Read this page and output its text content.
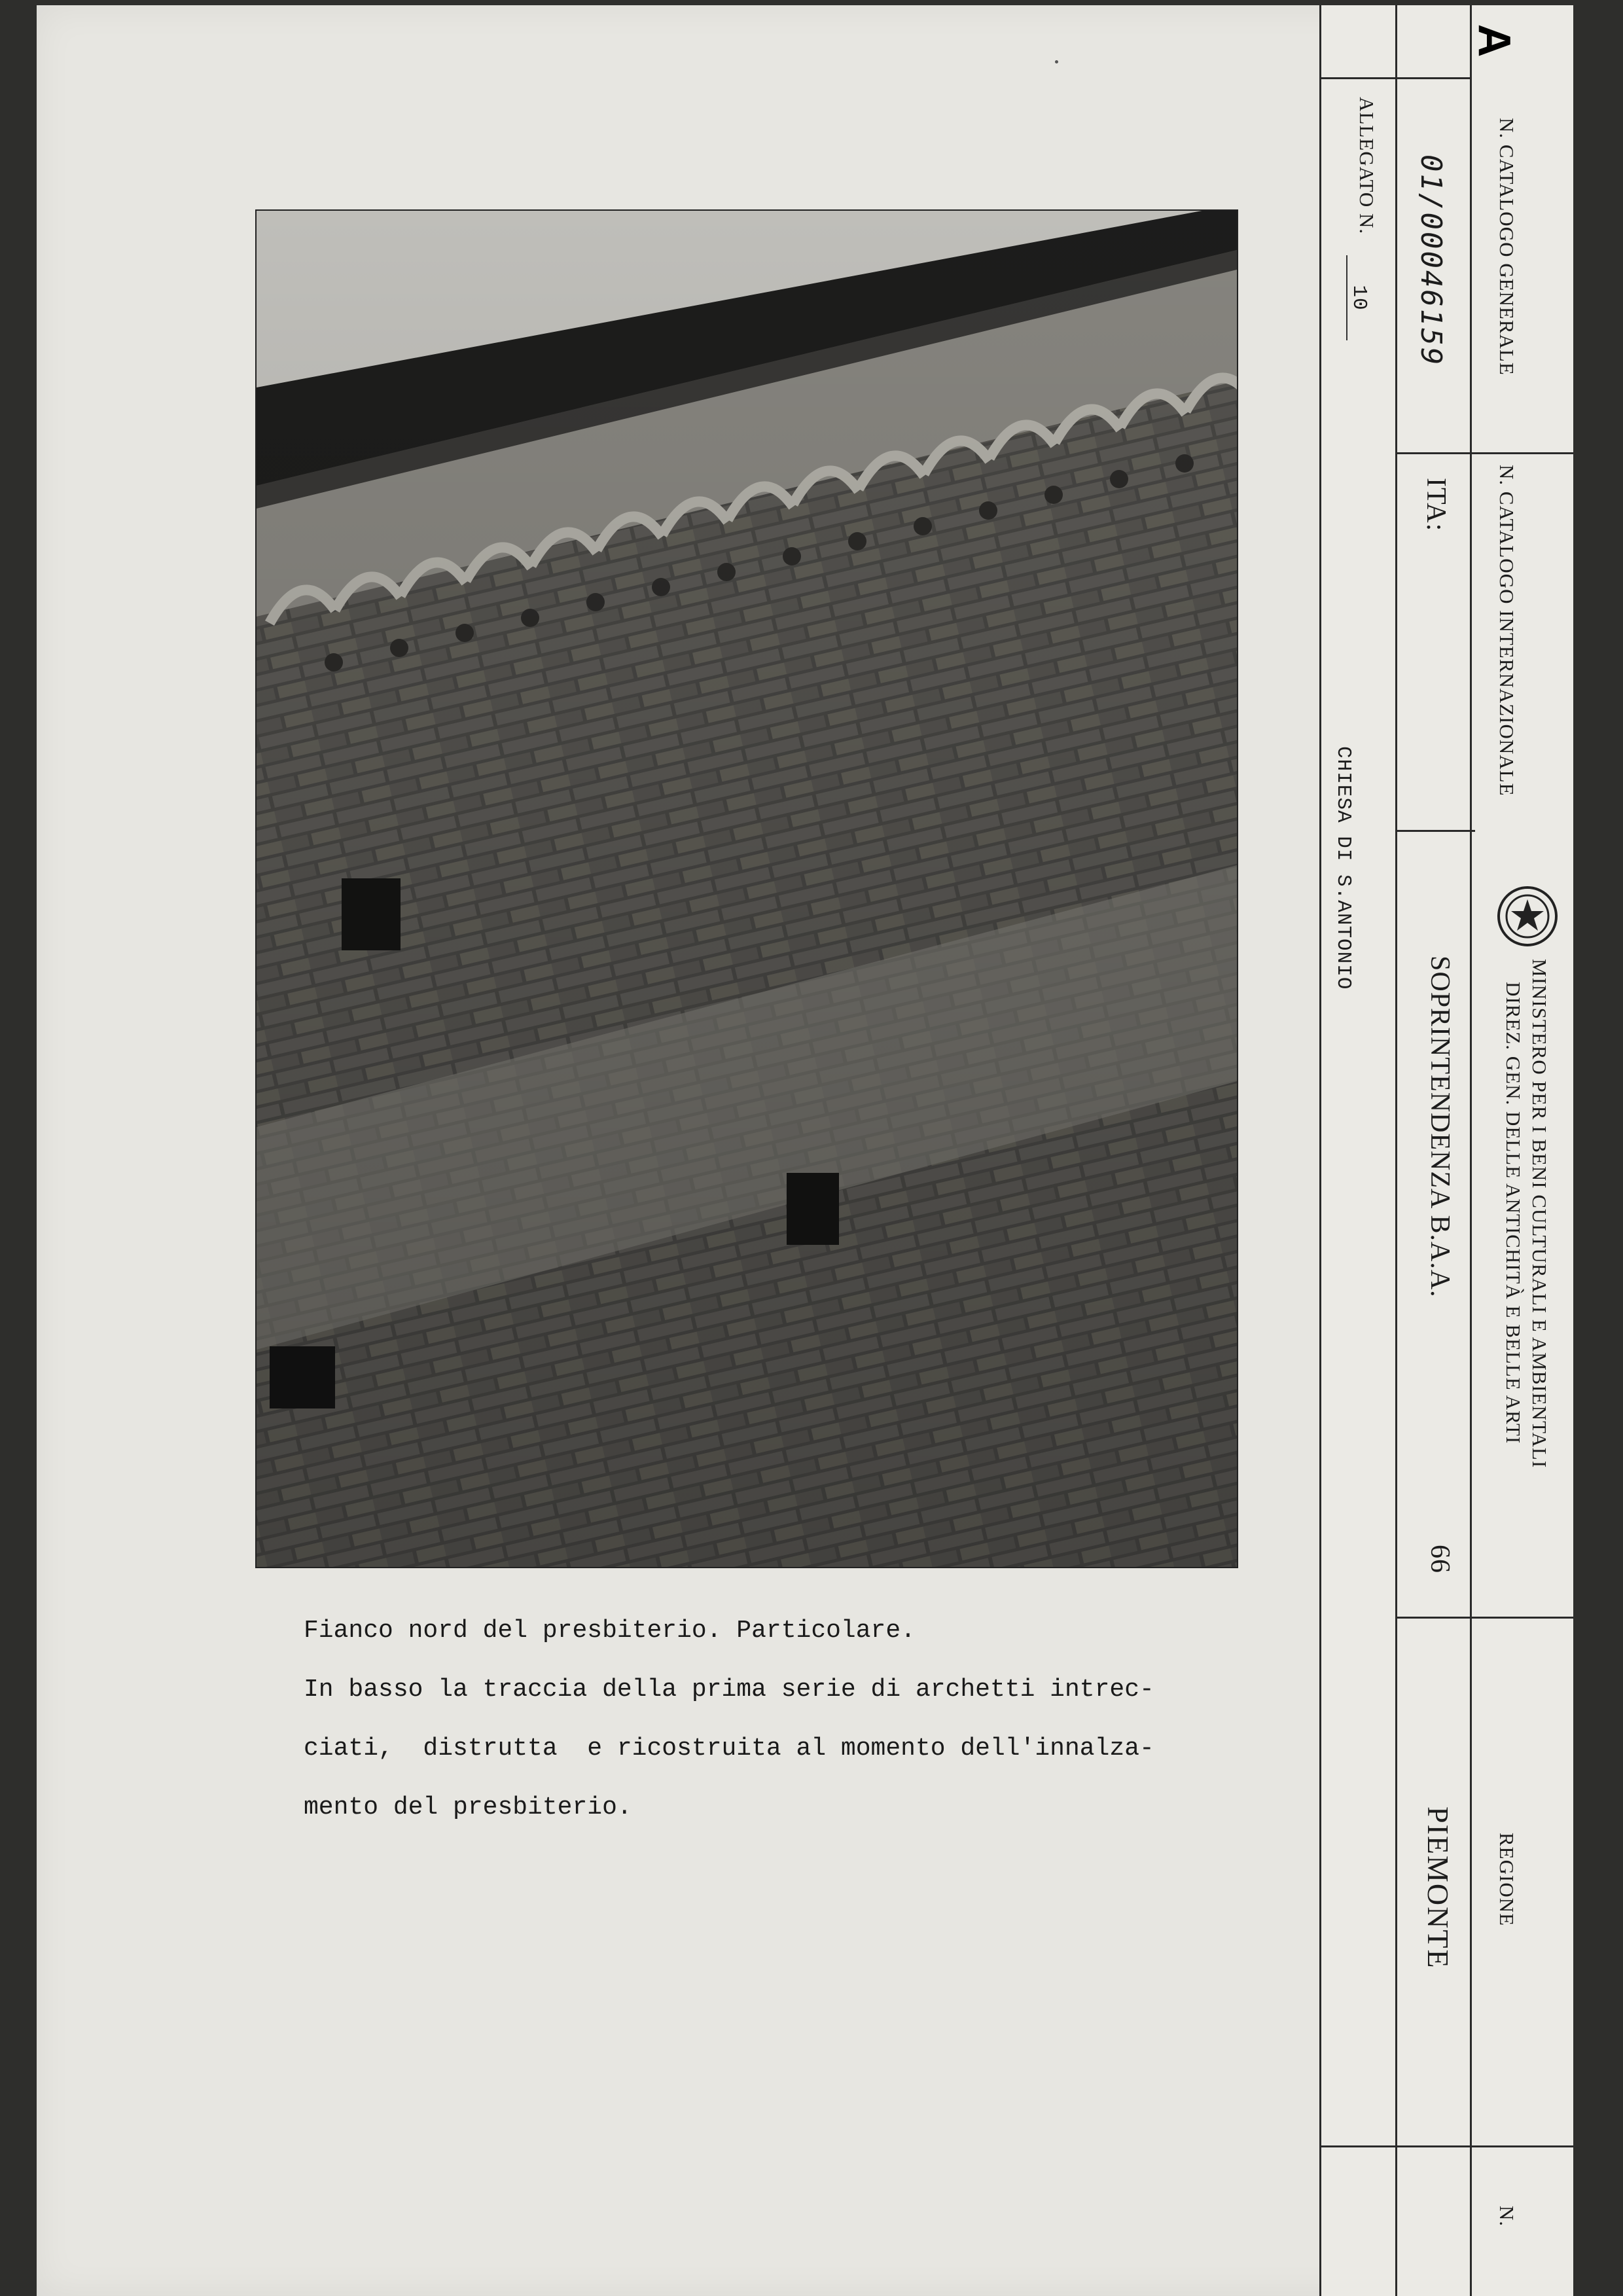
Fianco nord del presbiterio. Particolare.
In basso la traccia della prima serie di archetti intrec-
ciati,  distrutta  e ricostruita al momento dell'innalza-
mento del presbiterio.
A
N. CATALOGO GENERALE
01/00046159
N. CATALOGO INTERNAZIONALE
ITA:
MINISTERO PER I BENI CULTURALI E AMBIENTALI
DIREZ. GEN. DELLE ANTICHITÀ E BELLE ARTI
SOPRINTENDENZA B.A.A.
66
REGIONE
PIEMONTE
N.
ALLEGATO N.
10
CHIESA DI S.ANTONIO
